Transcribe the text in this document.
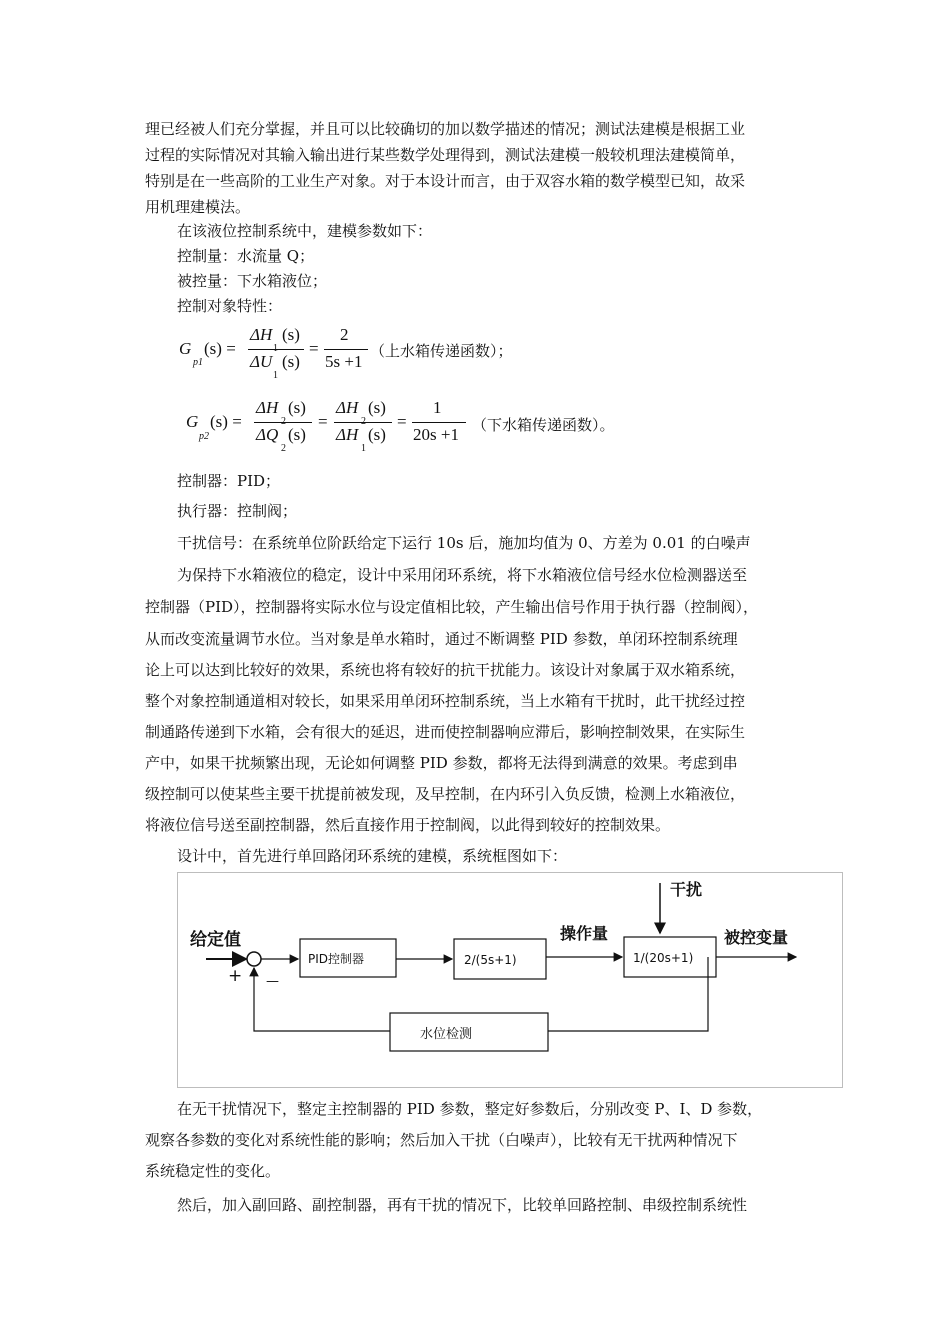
理已经被人们充分掌握，并且可以比较确切的加以数学描述的情况；测试法建模是根据工业
过程的实际情况对其输入输出进行某些数学处理得到，测试法建模一般较机理法建模简单，
特别是在一些高阶的工业生产对象。对于本设计而言，由于双容水箱的数学模型已知，故采
用机理建模法。
在该液位控制系统中，建模参数如下：
控制量：水流量 Q；
被控量：下水箱液位；
控制对象特性：
G
p1
(s) =
ΔH
1
(s)
ΔU
1
(s)
=
2
5s +1
（上水箱传递函数）；
G
p2
(s) =
ΔH
2
(s)
ΔQ
2
(s)
=
ΔH
2
(s)
ΔH
1
(s)
=
1
20s +1 （下水箱传递函数）。
控制器：PID；
执行器：控制阀；
干扰信号：在系统单位阶跃给定下运行 10s 后，施加均值为 0、方差为 0.01 的白噪声
为保持下水箱液位的稳定，设计中采用闭环系统，将下水箱液位信号经水位检测器送至
控制器（PID），控制器将实际水位与设定值相比较，产生输出信号作用于执行器（控制阀），
从而改变流量调节水位。当对象是单水箱时，通过不断调整 PID 参数，单闭环控制系统理
论上可以达到比较好的效果，系统也将有较好的抗干扰能力。该设计对象属于双水箱系统，
整个对象控制通道相对较长，如果采用单闭环控制系统，当上水箱有干扰时，此干扰经过控
制通路传递到下水箱，会有很大的延迟，进而使控制器响应滞后，影响控制效果，在实际生
产中，如果干扰频繁出现，无论如何调整 PID 参数，都将无法得到满意的效果。考虑到串
级控制可以使某些主要干扰提前被发现，及早控制，在内环引入负反馈，检测上水箱液位，
将液位信号送至副控制器，然后直接作用于控制阀，以此得到较好的控制效果。
设计中，首先进行单回路闭环系统的建模，系统框图如下：
给定值
+ —
PID控制器	2/(5s+1)
操作量
干扰
1/(20s+1)
被控变量
水位检测
在无干扰情况下，整定主控制器的 PID 参数，整定好参数后，分别改变 P、I、D 参数，
观察各参数的变化对系统性能的影响；然后加入干扰（白噪声），比较有无干扰两种情况下
系统稳定性的变化。
然后，加入副回路、副控制器，再有干扰的情况下，比较单回路控制、串级控制系统性
